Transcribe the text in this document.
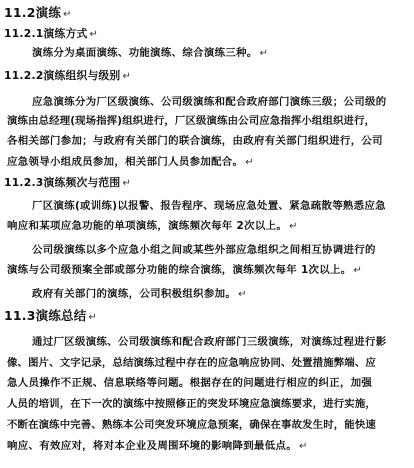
11.2演练 ↵
11.2.1演练方式 ↵
演练分为桌面演练、功能演练、综合演练三种。 ↵
11.2.2演练组织与级别 ↵
应急演练分为厂区级演练、公司级演练和配合政府部门演练三级；公司级的
演练由总经理(现场指挥)组织进行，厂区级演练由公司应急指挥小组组织进行，
各相关部门参加；与政府有关部门的联合演练，由政府有关部门组织进行，公司
应急领导小组成员参加，相关部门人员参加配合。 ↵
11.2.3演练频次与范围 ↵
厂区演练(或训练)以报警、报告程序、现场应急处置、紧急疏散等熟悉应急
响应和某项应急功能的单项演练，演练频次每年 2次以上。 ↵
公司级演练以多个应急小组之间或某些外部应急组织之间相互协调进行的
演练与公司级预案全部或部分功能的综合演练，演练频次每年 1次以上。 ↵
政府有关部门的演练，公司积极组织参加。 ↵
11.3演练总结 ↵
通过厂区级演练、公司级演练和配合政府部门三级演练，对演练过程进行影
像、图片、文字记录，总结演练过程中存在的应急响应协同、处置措施弊端、应
急人员操作不正规、信息联络等问题。根据存在的问题进行相应的纠正，加强
人员的培训，在下一次的演练中按照修正的突发环境应急演练要求，进行实施，
不断在演练中完善、熟练本公司突发环境应急预案，确保在事故发生时，能快速
响应、有效应对，将对本企业及周围环境的影响降到最低点。 ↵
